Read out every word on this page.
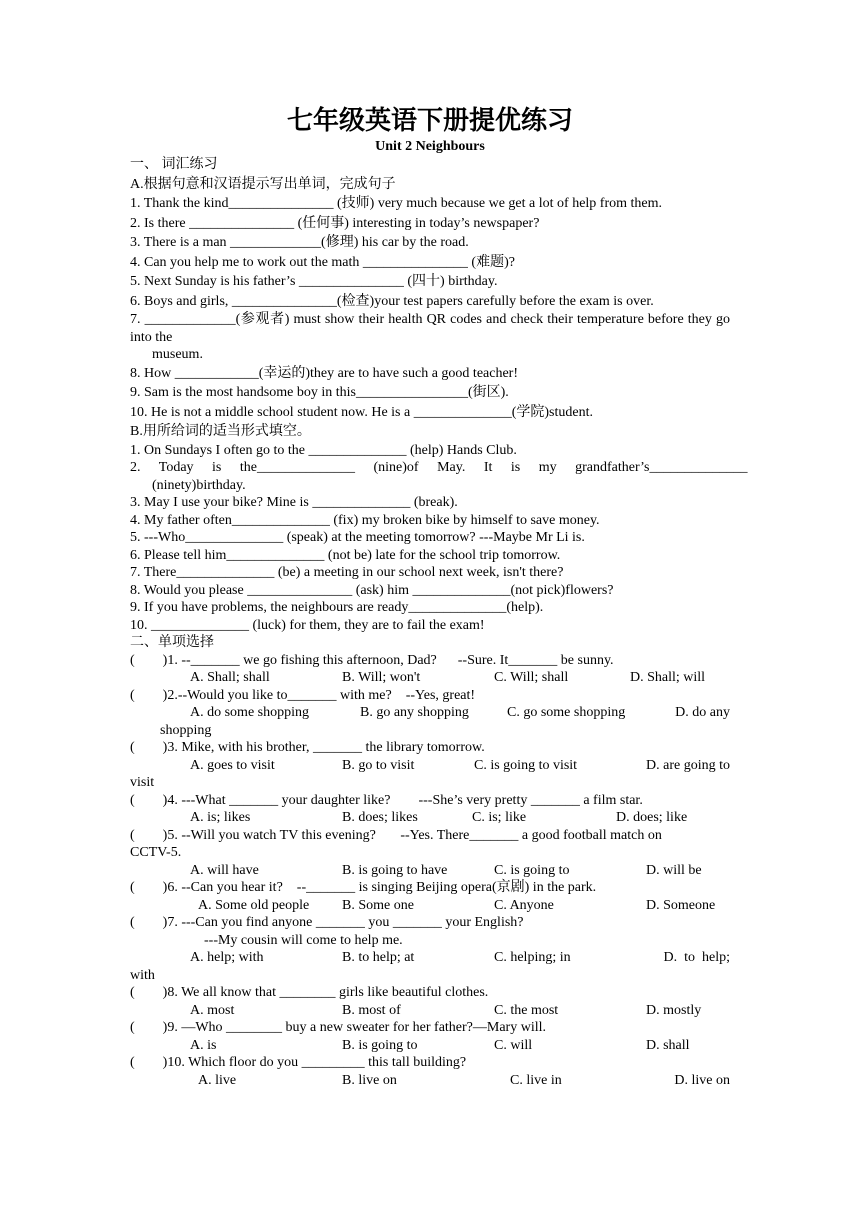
七年级英语下册提优练习
Unit 2 Neighbours
一、 词汇练习
A.根据句意和汉语提示写出单词，完成句子
1. Thank the kind_______________ (技师) very much because we get a lot of help from them.
2. Is there _______________ (任何事) interesting in today’s newspaper?
3. There is a man _____________(修理) his car by the road.
4. Can you help me to work out the math _______________ (难题)?
5. Next Sunday is his father’s _______________ (四十) birthday.
6. Boys and girls, _______________(检查)your test papers carefully before the exam is over.
7. _____________(参观者) must show their health QR codes and check their temperature before they go into the
museum.
8. How ____________(幸运的)they are to have such a good teacher!
9. Sam is the most handsome boy in this________________(街区).
10. He is not a middle school student now. He is a ______________(学院)student.
B.用所给词的适当形式填空。
1. On Sundays I often go to the ______________ (help) Hands Club.
2. Today is the______________ (nine)of May. It is my grandfather’s______________
(ninety)birthday.
3. May I use your bike? Mine is ______________ (break).
4. My father often______________ (fix) my broken bike by himself to save money.
5. ---Who______________ (speak) at the meeting tomorrow? ---Maybe Mr Li is.
6. Please tell him______________ (not be) late for the school trip tomorrow.
7. There______________ (be) a meeting in our school next week, isn't there?
8. Would you please _______________ (ask) him ______________(not pick)flowers?
9. If you have problems, the neighbours are ready______________(help).
10. ______________ (luck) for them, they are to fail the exam!
二、单项选择
(        )1. --_______ we go fishing this afternoon, Dad?      --Sure. It_______ be sunny.
A. Shall; shall	B. Will; won't	C. Will; shall	D. Shall; will
(        )2.--Would you like to_______ with me?    --Yes, great!
A. do some shopping	B. go any shopping	C. go some shopping	D. do any
shopping
(        )3. Mike, with his brother, _______ the library tomorrow.
A. goes to visit	B. go to visit	C. is going to visit	D. are going to
visit
(        )4. ---What _______ your daughter like?        ---She’s very pretty _______ a film star.
A. is; likes	B. does; likes	C. is; like	D. does; like
(        )5. --Will you watch TV this evening?       --Yes. There_______ a good football match on
CCTV-5.
A. will have	B. is going to have	C. is going to	D. will be
(        )6. --Can you hear it?    --_______ is singing Beijing opera(京剧) in the park.
A. Some old people	B. Some one	C. Anyone	D. Someone
(        )7. ---Can you find anyone _______ you _______ your English?
---My cousin will come to help me.
A. help; with	B. to help; at	C. helping; in	D.  to  help;
with
(        )8. We all know that ________ girls like beautiful clothes.
A. most	B. most of	C. the most	D. mostly
(        )9. —Who ________ buy a new sweater for her father?—Mary will.
A. is	B. is going to	C. will	D. shall
(        )10. Which floor do you _________ this tall building?
A. live	B. live on	C. live in	D. live on
